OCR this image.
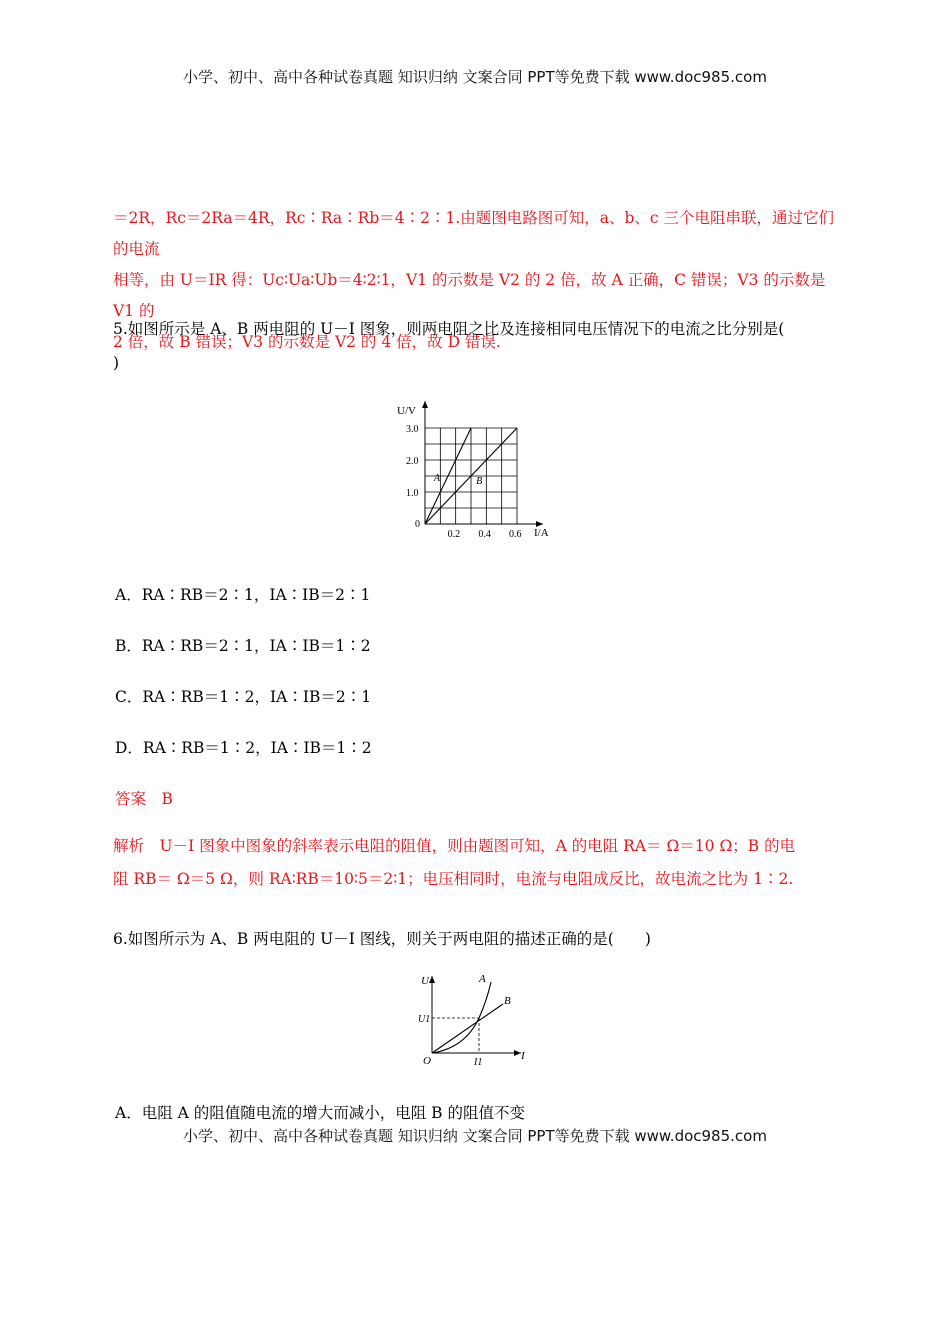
小学、初中、高中各种试卷真题 知识归纳 文案合同 PPT等免费下载 www.doc985.com
＝2R，Rc＝2Ra＝4R，Rc∶Ra∶Rb＝4∶2∶1.由题图电路图可知，a、b、c 三个电阻串联，通过它们的电流
相等，由 U＝IR 得：Uc∶Ua∶Ub＝4∶2∶1，V1 的示数是 V2 的 2 倍，故 A 正确，C 错误；V3 的示数是 V1 的
2 倍，故 B 错误；V3 的示数是 V2 的 4 倍，故 D 错误.
5.如图所示是 A、B 两电阻的 U－I 图象，则两电阻之比及连接相同电压情况下的电流之比分别是(
)
U/V
I/A
0
0.2 0.4 0.6
1.0
2.0
3.0
A	B
A．RA∶RB＝2∶1，IA∶IB＝2∶1
B．RA∶RB＝2∶1，IA∶IB＝1∶2
C．RA∶RB＝1∶2，IA∶IB＝2∶1
D．RA∶RB＝1∶2，IA∶IB＝1∶2
答案　B
解析　U－I 图象中图象的斜率表示电阻的阻值，则由题图可知，A 的电阻 RA＝ Ω＝10 Ω；B 的电
阻 RB＝ Ω＝5 Ω，则 RA∶RB＝10∶5＝2∶1；电压相同时，电流与电阻成反比，故电流之比为 1∶2.
6.如图所示为 A、B 两电阻的 U－I 图线，则关于两电阻的描述正确的是(　　)
U
I
O
U1
I1
A
B
A．电阻 A 的阻值随电流的增大而减小，电阻 B 的阻值不变
小学、初中、高中各种试卷真题 知识归纳 文案合同 PPT等免费下载 www.doc985.com
